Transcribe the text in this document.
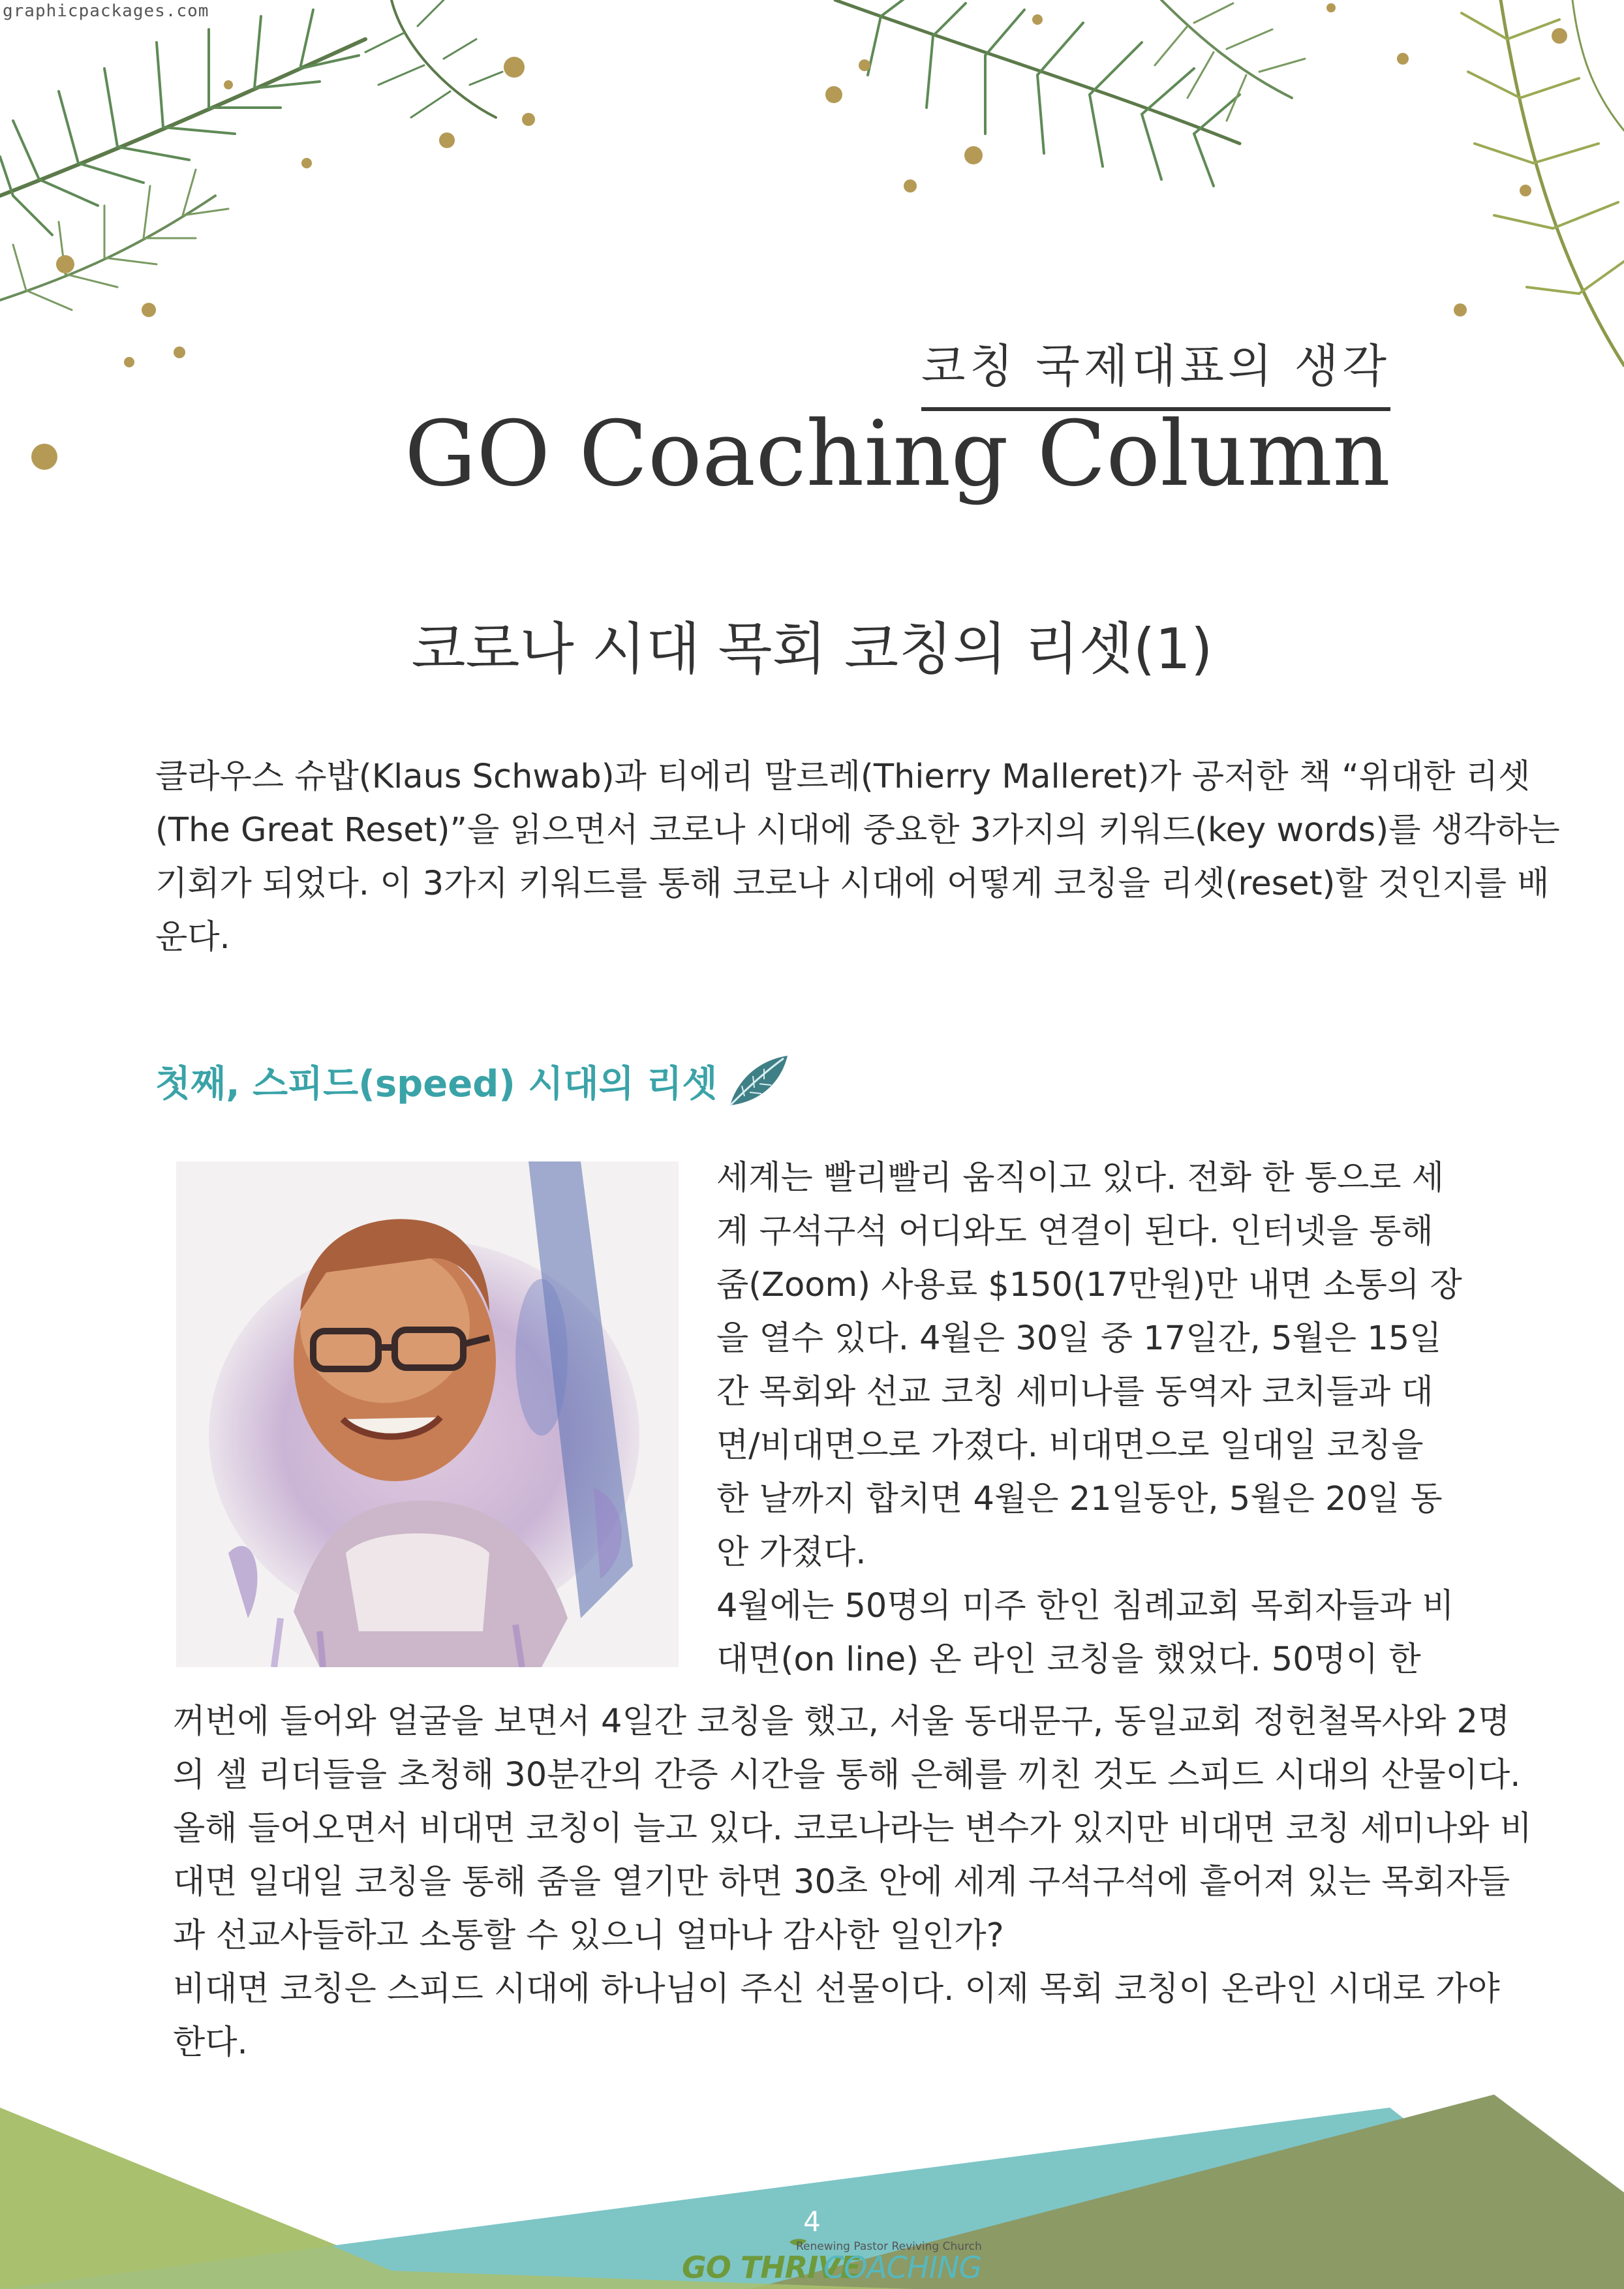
graphicpackages.com
코칭 국제대표의 생각
GO Coaching Column
코로나 시대 목회 코칭의 리셋(1)
클라우스 슈밥(Klaus Schwab)과 티에리 말르레(Thierry Malleret)가 공저한 책 “위대한 리셋
(The Great Reset)”을 읽으면서 코로나 시대에 중요한 3가지의 키워드(key words)를 생각하는
기회가 되었다. 이 3가지 키워드를 통해 코로나 시대에 어떻게 코칭을 리셋(reset)할 것인지를 배
운다.
첫째, 스피드(speed) 시대의 리셋
세계는 빨리빨리 움직이고 있다. 전화 한 통으로 세
계 구석구석 어디와도 연결이 된다. 인터넷을 통해
줌(Zoom) 사용료 $150(17만원)만 내면 소통의 장
을 열수 있다. 4월은 30일 중 17일간, 5월은 15일
간 목회와 선교 코칭 세미나를 동역자 코치들과 대
면/비대면으로 가졌다. 비대면으로 일대일 코칭을
한 날까지 합치면 4월은 21일동안, 5월은 20일 동
안 가졌다.
4월에는 50명의 미주 한인 침례교회 목회자들과 비
대면(on line) 온 라인 코칭을 했었다. 50명이 한
꺼번에 들어와 얼굴을 보면서 4일간 코칭을 했고, 서울 동대문구, 동일교회 정헌철목사와 2명
의 셀 리더들을 초청해 30분간의 간증 시간을 통해 은혜를 끼친 것도 스피드 시대의 산물이다.
올해 들어오면서 비대면 코칭이 늘고 있다. 코로나라는 변수가 있지만 비대면 코칭 세미나와 비
대면 일대일 코칭을 통해 줌을 열기만 하면 30초 안에 세계 구석구석에 흩어져 있는 목회자들
과 선교사들하고 소통할 수 있으니 얼마나 감사한 일인가?
비대면 코칭은 스피드 시대에 하나님이 주신 선물이다. 이제 목회 코칭이 온라인 시대로 가야
한다.
4
Renewing Pastor Reviving Church
GO THRIVE
COACHING
